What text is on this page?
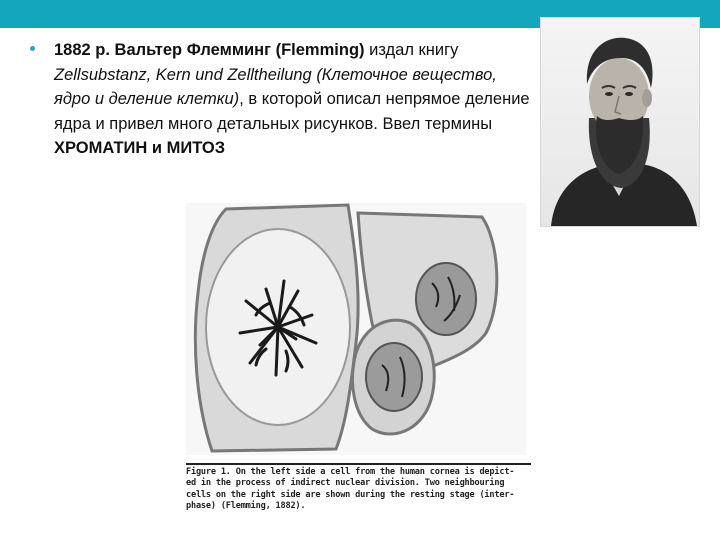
1882 р. Вальтер Флемминг (Flemming) издал книгу Zellsubstanz, Kern und Zelltheilung (Клеточное вещество, ядро и деление клетки), в которой описал непрямое деление ядра и привел много детальных рисунков. Ввел термины ХРОМАТИН и МИТОЗ
Figure 1. On the left side a cell from the human cornea is depict-
ed in the process of indirect nuclear division. Two neighbouring
cells on the right side are shown during the resting stage (inter-
phase) (Flemming, 1882).
